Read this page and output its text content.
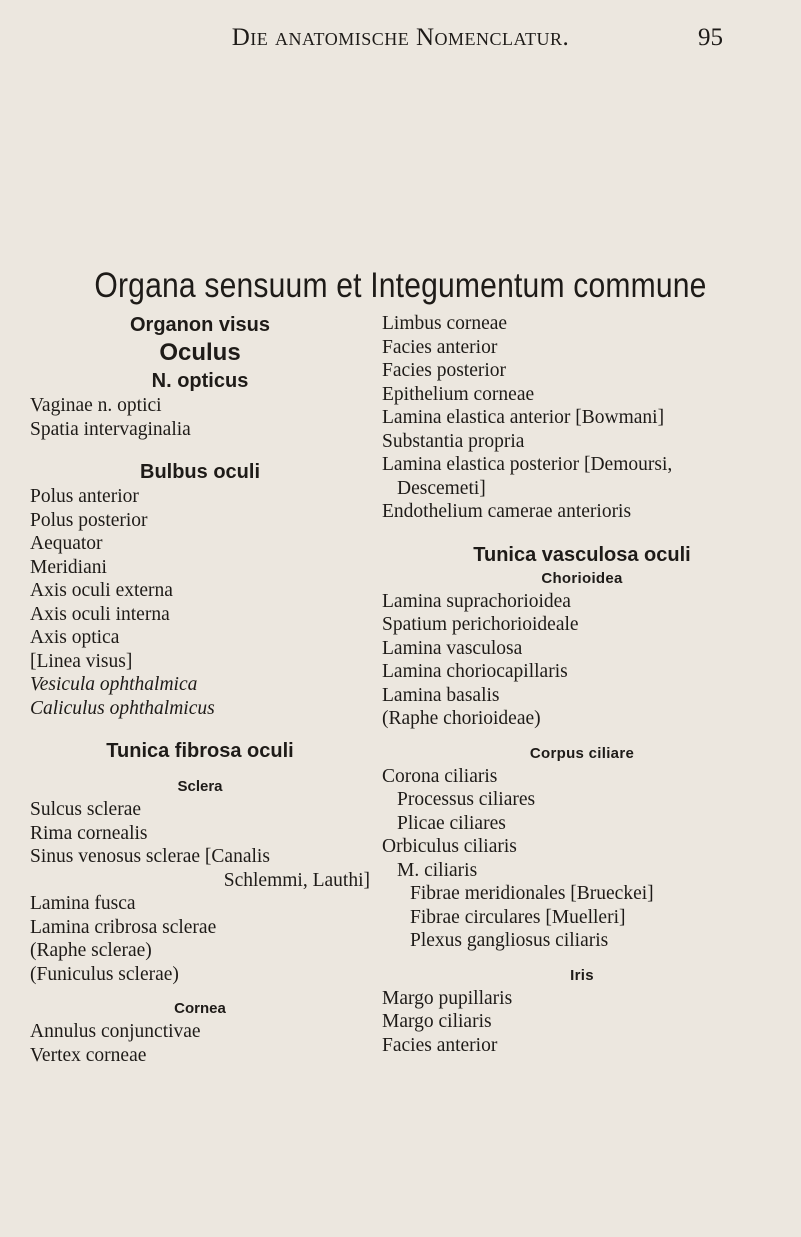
Die anatomische Nomenclatur.	95
Organa sensuum et Integumentum commune
Organon visus
Oculus
N. opticus
Vaginae n. optici
Spatia intervaginalia
Bulbus oculi
Polus anterior
Polus posterior
Aequator
Meridiani
Axis oculi externa
Axis oculi interna
Axis optica
[Linea visus]
Vesicula ophthalmica
Caliculus ophthalmicus
Tunica fibrosa oculi
Sclera
Sulcus sclerae
Rima cornealis
Sinus venosus sclerae [Canalis
Schlemmi, Lauthi]
Lamina fusca
Lamina cribrosa sclerae
(Raphe sclerae)
(Funiculus sclerae)
Cornea
Annulus conjunctivae
Vertex corneae
Limbus corneae
Facies anterior
Facies posterior
Epithelium corneae
Lamina elastica anterior [Bowmani]
Substantia propria
Lamina elastica posterior [Demoursi,
Descemeti]
Endothelium camerae anterioris
Tunica vasculosa oculi
Chorioidea
Lamina suprachorioidea
Spatium perichorioideale
Lamina vasculosa
Lamina choriocapillaris
Lamina basalis
(Raphe chorioideae)
Corpus ciliare
Corona ciliaris
Processus ciliares
Plicae ciliares
Orbiculus ciliaris
M. ciliaris
Fibrae meridionales [Brueckei]
Fibrae circulares [Muelleri]
Plexus gangliosus ciliaris
Iris
Margo pupillaris
Margo ciliaris
Facies anterior
